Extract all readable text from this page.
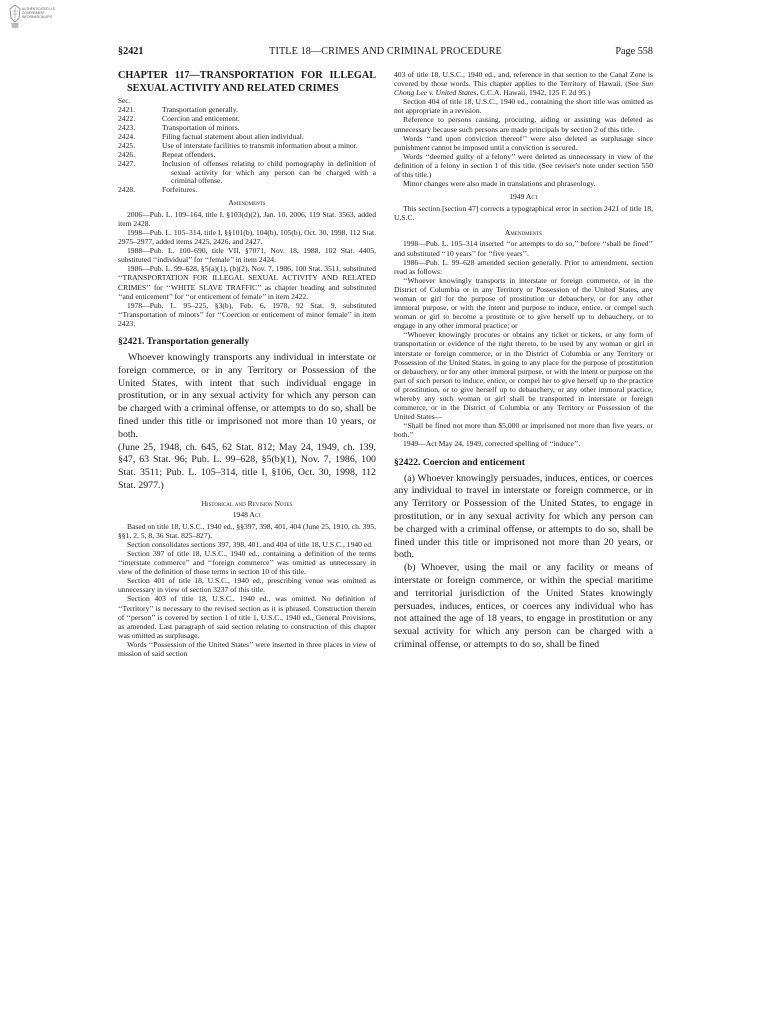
AUTHENTICATED U.S. GOVERNMENT INFORMATION GPO
TITLE 18—CRIMES AND CRIMINAL PROCEDURE
§2421	Page 558

CHAPTER 117—TRANSPORTATION FOR ILLEGAL SEXUAL ACTIVITY AND RELATED CRIMES

Sec.
2421.	Transportation generally.
2422.	Coercion and enticement.
2423.	Transportation of minors.
2424.	Filing factual statement about alien individual.
2425.	Use of interstate facilities to transmit information about a minor.
2426.	Repeat offenders.
2427.	Inclusion of offenses relating to child pornography in definition of sexual activity for which any person can be charged with a criminal offense.
2428.	Forfeitures.
Amendments

2006—Pub. L. 109–164, title I, §103(d)(2), Jan. 10, 2006, 119 Stat. 3563, added item 2428.

1998—Pub. L. 105–314, title I, §§101(b), 104(b), 105(b), Oct. 30, 1998, 112 Stat. 2975–2977, added items 2425, 2426, and 2427.

1988—Pub. L. 100–690, title VII, §7071, Nov. 18, 1988, 102 Stat. 4405, substituted ‘‘individual’’ for ‘‘female’’ in item 2424.

1986—Pub. L. 99–628, §5(a)(1), (b)(2), Nov. 7, 1986, 100 Stat. 3511, substituted ‘‘TRANSPORTATION FOR ILLEGAL SEXUAL ACTIVITY AND RELATED CRIMES’’ for ‘‘WHITE SLAVE TRAFFIC’’ as chapter heading and substituted ‘‘and enticement’’ for ‘‘or enticement of female’’ in item 2422.

1978—Pub. L. 95–225, §3(b), Feb. 6, 1978, 92 Stat. 9, substituted ‘‘Transportation of minors’’ for ‘‘Coercion or enticement of minor female’’ in item 2423.

§2421. Transportation generally

Whoever knowingly transports any individual in interstate or foreign commerce, or in any Territory or Possession of the United States, with intent that such individual engage in prostitution, or in any sexual activity for which any person can be charged with a criminal offense, or attempts to do so, shall be fined under this title or imprisoned not more than 10 years, or both.

(June 25, 1948, ch. 645, 62 Stat. 812; May 24, 1949, ch. 139, §47, 63 Stat. 96; Pub. L. 99–628, §5(b)(1), Nov. 7, 1986, 100 Stat. 3511; Pub. L. 105–314, title I, §106, Oct. 30, 1998, 112 Stat. 2977.)

Historical and Revision Notes
1948 Act

Based on title 18, U.S.C., 1940 ed., §§397, 398, 401, 404 (June 25, 1910, ch. 395, §§1, 2, 5, 8, 36 Stat. 825–827).

Section consolidates sections 397, 398, 401, and 404 of title 18, U.S.C., 1940 ed.

Section 397 of title 18, U.S.C., 1940 ed., containing a definition of the terms ‘‘interstate commerce’’ and ‘‘foreign commerce’’ was omitted as unnecessary in view of the definition of those terms in section 10 of this title.

Section 401 of title 18, U.S.C., 1940 ed., prescribing venue was omitted as unnecessary in view of section 3237 of this title.

Section 403 of title 18, U.S.C., 1940 ed., was omitted. No definition of ‘‘Territory’’ is necessary to the revised section as it is phrased. Construction therein of ‘‘person’’ is covered by section 1 of title 1, U.S.C., 1940 ed., General Provisions, as amended. Last paragraph of said section relating to construction of this chapter was omitted as surplusage.

Words ‘‘Possession of the United States’’ were inserted in three places in view of mission of said section

403 of title 18, U.S.C., 1940 ed., and, reference in that section to the Canal Zone is covered by those words. This chapter applies to the Territory of Hawaii. (See Sun Chong Lee v. United States, C.C.A. Hawaii, 1942, 125 F. 2d 95.)

Section 404 of title 18, U.S.C., 1940 ed., containing the short title was omitted as not appropriate in a revision.

Reference to persons causing, procuring, aiding or assisting was deleted as unnecessary because such persons are made principals by section 2 of this title.

Words ‘‘and upon conviction thereof’’ were also deleted as surplusage since punishment cannot be imposed until a conviction is secured.

Words ‘‘deemed guilty of a felony’’ were deleted as unnecessary in view of the definition of a felony in section 1 of this title. (See reviser's note under section 550 of this title.)

Minor changes were also made in translations and phraseology.

1949 Act

This section [section 47] corrects a typographical error in section 2421 of title 18, U.S.C.

Amendments

1998—Pub. L. 105–314 inserted ‘‘or attempts to do so,’’ before ‘‘shall be fined’’ and substituted ‘‘10 years’’ for ‘‘five years’’.

1986—Pub. L. 99–628 amended section generally. Prior to amendment, section read as follows:

‘‘Whoever knowingly transports in interstate or foreign commerce, or in the District of Columbia or in any Territory or Possession of the United States, any woman or girl for the purpose of prostitution or debauchery, or for any other immoral purpose, or with the intent and purpose to induce, entice, or compel such woman or girl to become a prostitute or to give herself up to debauchery, or to engage in any other immoral practice; or

‘‘Whoever knowingly procures or obtains any ticket or tickets, or any form of transportation or evidence of the right thereto, to be used by any woman or girl in interstate or foreign commerce, or in the District of Columbia or any Territory or Possession of the United States, in going to any place for the purpose of prostitution or debauchery, or for any other immoral purpose, or with the intent or purpose on the part of such person to induce, entice, or compel her to give herself up to the practice of prostitution, or to give herself up to debauchery, or any other immoral practice, whereby any such woman or girl shall be transported in interstate or foreign commerce, or in the District of Columbia or any Territory or Possession of the United States—

‘‘Shall be fined not more than $5,000 or imprisoned not more than five years, or both.’’

1949—Act May 24, 1949, corrected spelling of ‘‘induce’’.

§2422. Coercion and enticement

(a) Whoever knowingly persuades, induces, entices, or coerces any individual to travel in interstate or foreign commerce, or in any Territory or Possession of the United States, to engage in prostitution, or in any sexual activity for which any person can be charged with a criminal offense, or attempts to do so, shall be fined under this title or imprisoned not more than 20 years, or both.

(b) Whoever, using the mail or any facility or means of interstate or foreign commerce, or within the special maritime and territorial jurisdiction of the United States knowingly persuades, induces, entices, or coerces any individual who has not attained the age of 18 years, to engage in prostitution or any sexual activity for which any person can be charged with a criminal offense, or attempts to do so, shall be fined
